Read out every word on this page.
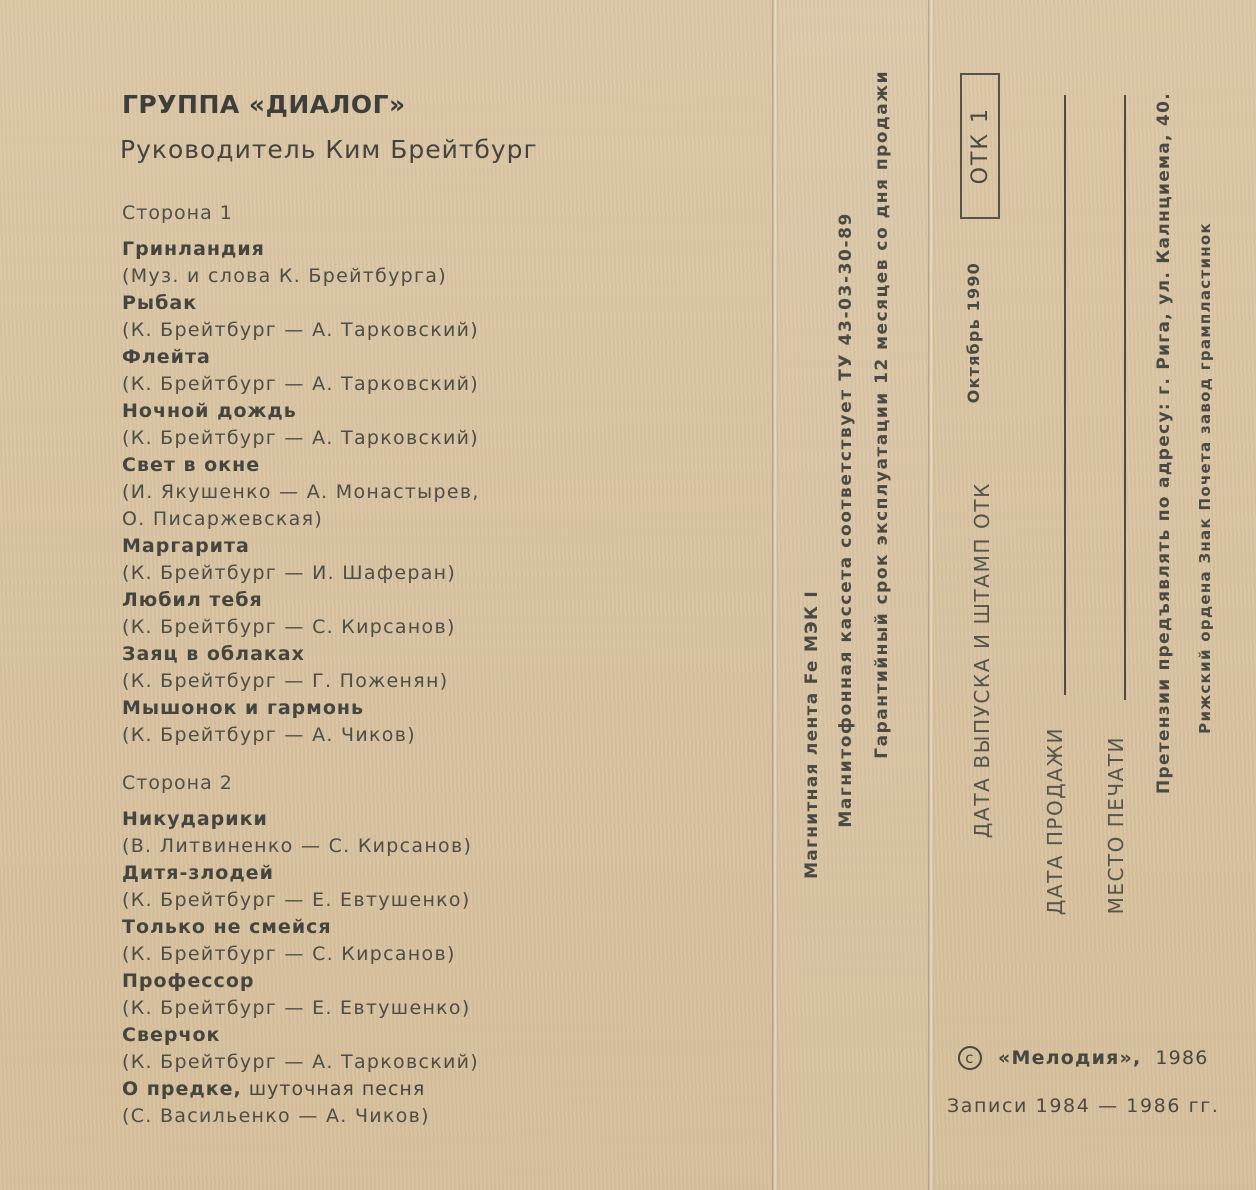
ГРУППА «ДИАЛОГ»
Руководитель Ким Брейтбург
Сторона 1
Гринландия
(Муз. и слова К. Брейтбурга)
Рыбак
(К. Брейтбург — А. Тарковский)
Флейта
(К. Брейтбург — А. Тарковский)
Ночной дождь
(К. Брейтбург — А. Тарковский)
Свет в окне
(И. Якушенко — А. Монастырев,
О. Писаржевская)
Маргарита
(К. Брейтбург — И. Шаферан)
Любил тебя
(К. Брейтбург — С. Кирсанов)
Заяц в облаках
(К. Брейтбург — Г. Поженян)
Мышонок и гармонь
(К. Брейтбург — А. Чиков)
Сторона 2
Никударики
(В. Литвиненко — С. Кирсанов)
Дитя-злодей
(К. Брейтбург — Е. Евтушенко)
Только не смейся
(К. Брейтбург — С. Кирсанов)
Профессор
(К. Брейтбург — Е. Евтушенко)
Сверчок
(К. Брейтбург — А. Тарковский)
О предке, шуточная песня
(С. Васильенко — А. Чиков)
Магнитная лента Fe МЭК I Магнитофонная кассета соответствует ТУ 43-03-30-89 Гарантийный срок эксплуатации 12 месяцев со дня продажи	ОТК 1
Октябрь 1990
ДАТА ВЫПУСКА И ШТАМП ОТК ДАТА ПРОДАЖИ МЕСТО ПЕЧАТИ
Претензии предъявлять по адресу: г. Рига, ул. Калнциема, 40. Рижский ордена Знак Почета завод грампластинок
c	«Мелодия», 1986
Записи 1984 — 1986 гг.
